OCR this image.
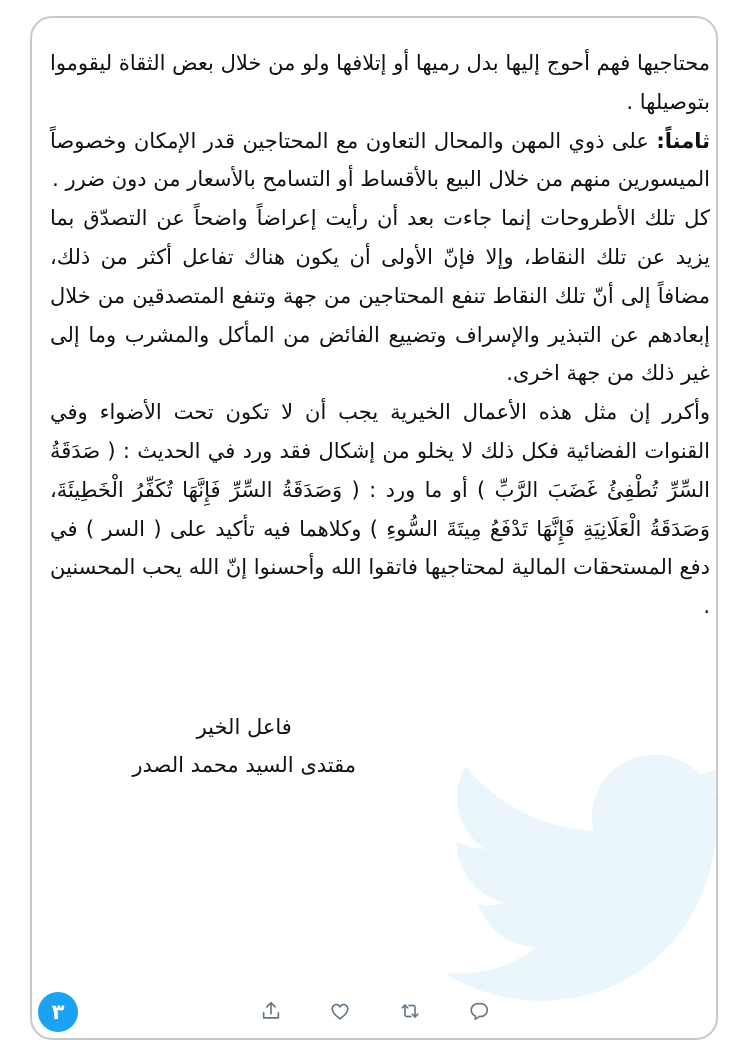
محتاجيها فهم أحوج إليها بدل رميها أو إتلافها ولو من خلال بعض الثقاة ليقوموا بتوصيلها .

ثامناً: على ذوي المهن والمحال التعاون مع المحتاجين قدر الإمكان وخصوصاً الميسورين منهم من خلال البيع بالأقساط أو التسامح بالأسعار من دون ضرر .

كل تلك الأطروحات إنما جاءت بعد أن رأيت إعراضاً واضحاً عن التصدّق بما يزيد عن تلك النقاط، وإلا فإنّ الأولى أن يكون هناك تفاعل أكثر من ذلك، مضافاً إلى أنّ تلك النقاط تنفع المحتاجين من جهة وتنفع المتصدقين من خلال إبعادهم عن التبذير والإسراف وتضييع الفائض من المأكل والمشرب وما إلى غير ذلك من جهة اخرى.

وأكرر إن مثل هذه الأعمال الخيرية يجب أن لا تكون تحت الأضواء وفي القنوات الفضائية فكل ذلك لا يخلو من إشكال فقد ورد في الحديث : ( صَدَقَةُ السِّرِّ تُطْفِئُ غَضَبَ الرَّبِّ ) أو ما ورد : ( وَصَدَقَةُ السِّرِّ فَإِنَّهَا تُكَفِّرُ الْخَطِيئَةَ، وَصَدَقَةُ الْعَلَانِيَةِ فَإِنَّهَا تَدْفَعُ مِيتَةَ السُّوءِ ) وكلاهما فيه تأكيد على ( السر ) في دفع المستحقات المالية لمحتاجيها فاتقوا الله وأحسنوا إنّ الله يحب المحسنين .

فاعل الخير
مقتدى السيد محمد الصدر
٣
